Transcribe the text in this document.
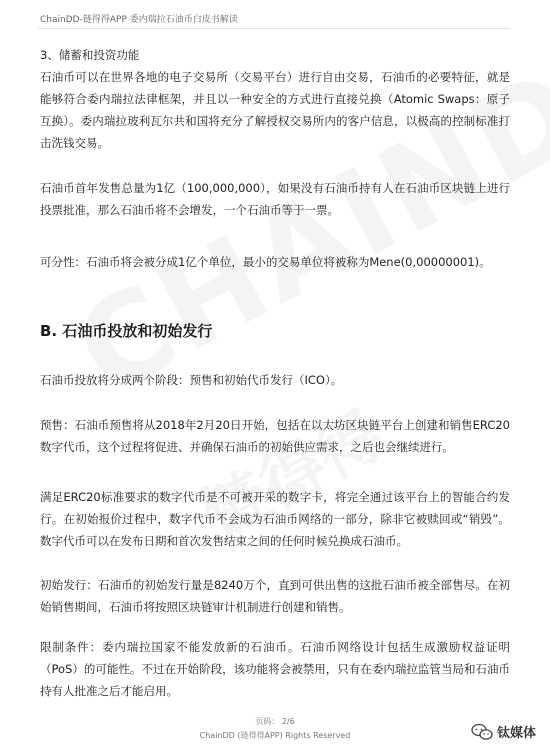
ChainDD-链得得APP 委内瑞拉石油币白皮书解读

3、储蓄和投资功能

石油币可以在世界各地的电子交易所（交易平台）进行自由交易，石油币的必要特征，就是能够符合委内瑞拉法律框架，并且以一种安全的方式进行直接兑换（Atomic Swaps：原子互换）。委内瑞拉玻利瓦尔共和国将充分了解授权交易所内的客户信息，以极高的控制标准打击洗钱交易。

石油币首年发售总量为1亿（100,000,000），如果没有石油币持有人在石油币区块链上进行投票批准，那么石油币将不会增发，一个石油币等于一票。

可分性：石油币将会被分成1亿个单位，最小的交易单位将被称为Mene(0,00000001)。

B. 石油币投放和初始发行

石油币投放将分成两个阶段：预售和初始代币发行（ICO）。

预售：石油币预售将从2018年2月20日开始，包括在以太坊区块链平台上创建和销售ERC20数字代币，这个过程将促进、并确保石油币的初始供应需求，之后也会继续进行。

满足ERC20标准要求的数字代币是不可被开采的数字卡，将完全通过该平台上的智能合约发行。在初始报价过程中，数字代币不会成为石油币网络的一部分，除非它被赎回或“销毁”。数字代币可以在发布日期和首次发售结束之间的任何时候兑换成石油币。

初始发行：石油币的初始发行量是8240万个，直到可供出售的这批石油币被全部售尽。在初始销售期间，石油币将按照区块链审计机制进行创建和销售。

限制条件：委内瑞拉国家不能发放新的石油币。石油币网络设计包括生成激励权益证明（PoS）的可能性。不过在开始阶段，该功能将会被禁用，只有在委内瑞拉监管当局和石油币持有人批准之后才能启用。

页码： 2/6
ChainDD (链得得APP) Rights Reserved	钛媒体
